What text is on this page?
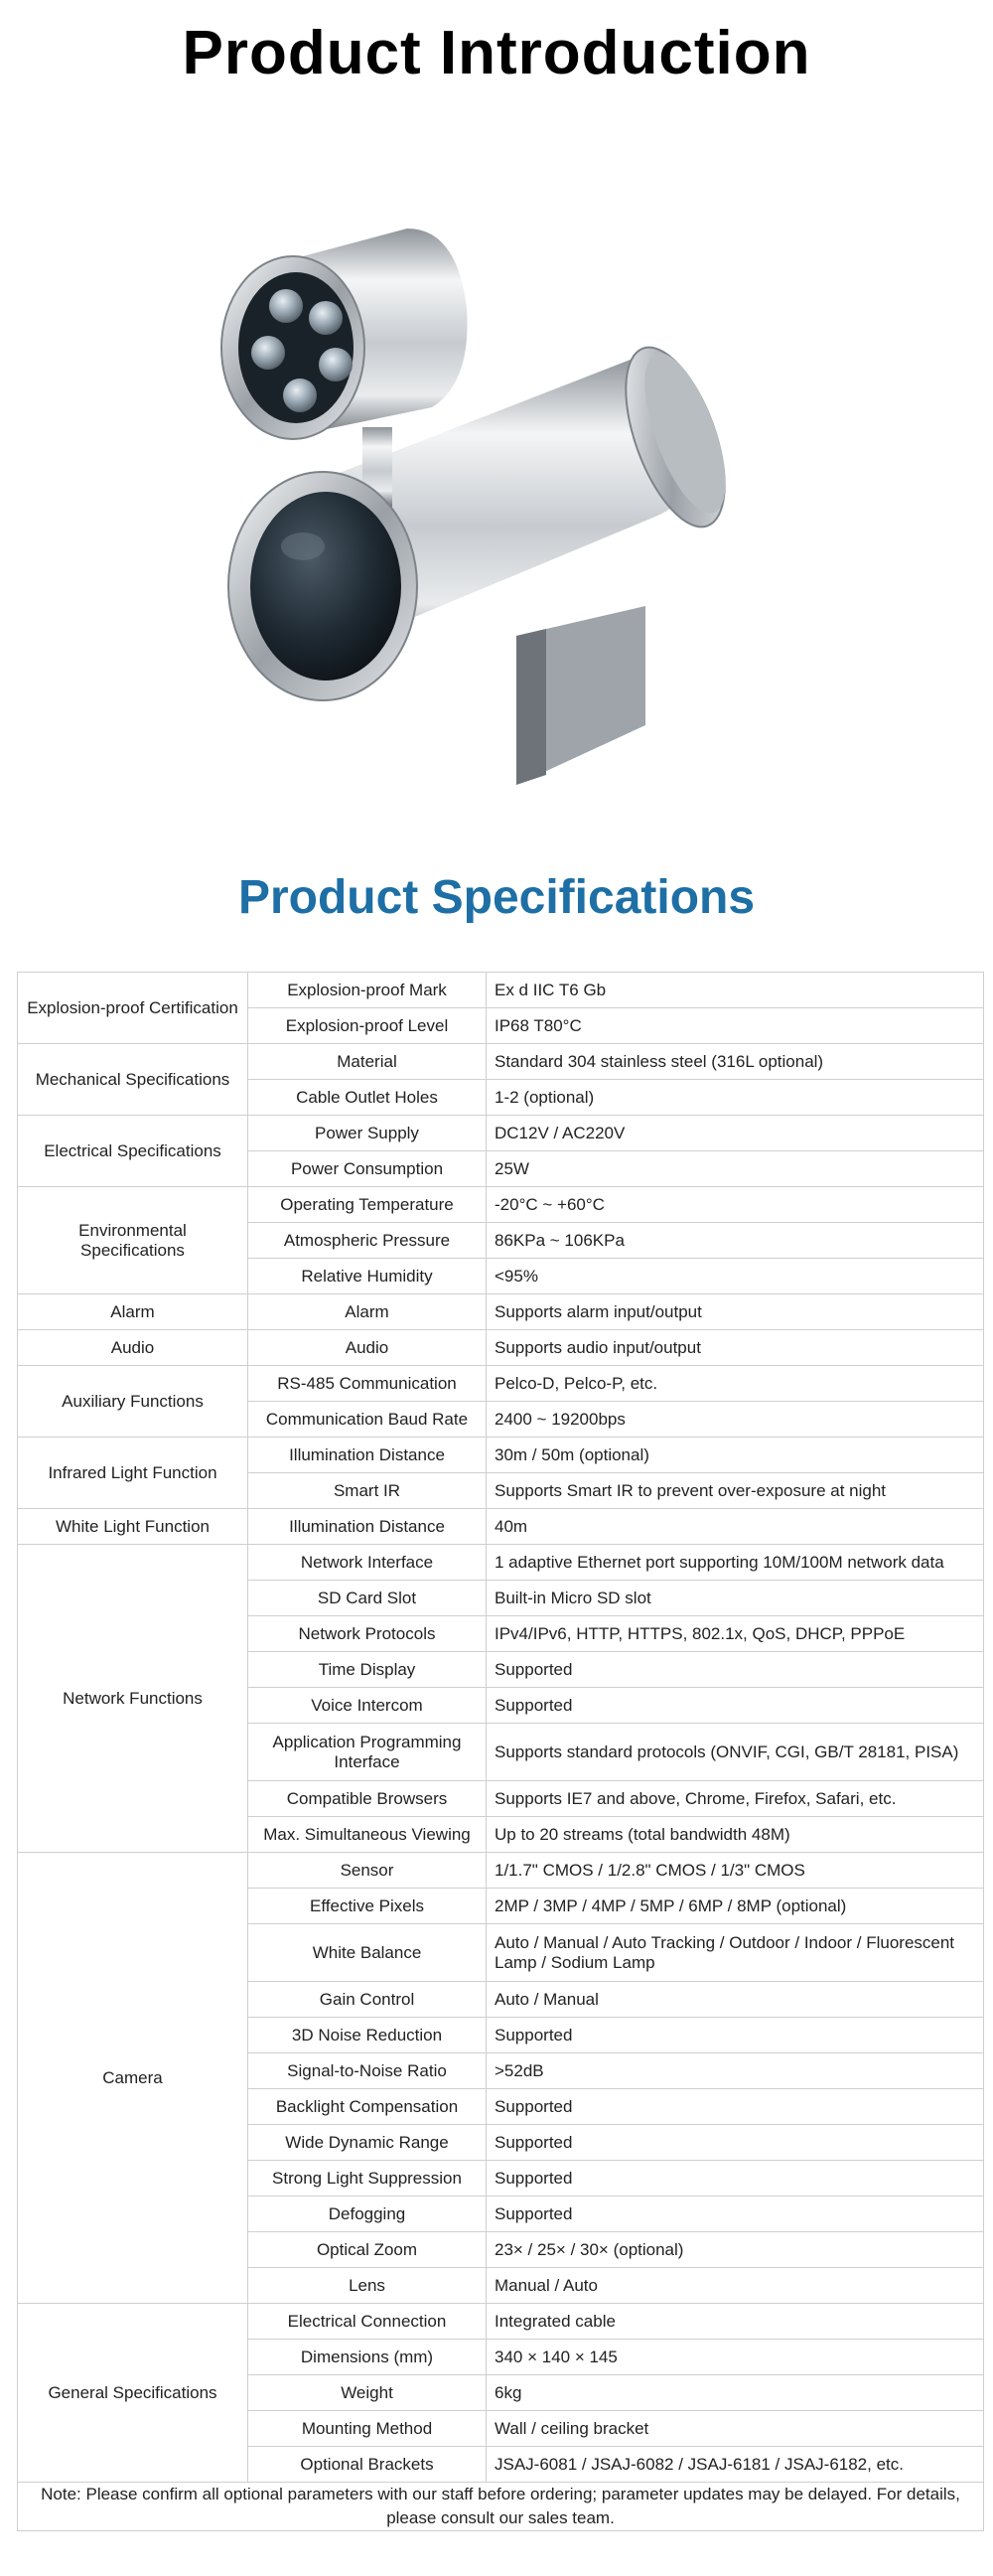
Product Introduction
Product Specifications
Explosion-proof Certification	Explosion-proof Mark	Ex d IIC T6 Gb
	Explosion-proof Level	IP68 T80°C
Mechanical Specifications	Material	Standard 304 stainless steel (316L optional)
	Cable Outlet Holes	1-2 (optional)
Electrical Specifications	Power Supply	DC12V / AC220V
	Power Consumption	25W
Environmental Specifications	Operating Temperature	-20°C ~ +60°C
	Atmospheric Pressure	86KPa ~ 106KPa
	Relative Humidity	<95%
Alarm	Alarm	Supports alarm input/output
Audio	Audio	Supports audio input/output
Auxiliary Functions	RS-485 Communication	Pelco-D, Pelco-P, etc.
	Communication Baud Rate	2400 ~ 19200bps
Infrared Light Function	Illumination Distance	30m / 50m (optional)
	Smart IR	Supports Smart IR to prevent over-exposure at night
White Light Function	Illumination Distance	40m
Network Functions	Network Interface	1 adaptive Ethernet port supporting 10M/100M network data
	SD Card Slot	Built-in Micro SD slot
	Network Protocols	IPv4/IPv6, HTTP, HTTPS, 802.1x, QoS, DHCP, PPPoE
	Time Display	Supported
	Voice Intercom	Supported
	Application Programming Interface	Supports standard protocols (ONVIF, CGI, GB/T 28181, PISA)
	Compatible Browsers	Supports IE7 and above, Chrome, Firefox, Safari, etc.
	Max. Simultaneous Viewing	Up to 20 streams (total bandwidth 48M)
Camera	Sensor	1/1.7" CMOS / 1/2.8" CMOS / 1/3" CMOS
	Effective Pixels	2MP / 3MP / 4MP / 5MP / 6MP / 8MP (optional)
	White Balance	Auto / Manual / Auto Tracking / Outdoor / Indoor / Fluorescent Lamp / Sodium Lamp
	Gain Control	Auto / Manual
	3D Noise Reduction	Supported
	Signal-to-Noise Ratio	>52dB
	Backlight Compensation	Supported
	Wide Dynamic Range	Supported
	Strong Light Suppression	Supported
	Defogging	Supported
	Optical Zoom	23× / 25× / 30× (optional)
	Lens	Manual / Auto
General Specifications	Electrical Connection	Integrated cable
	Dimensions (mm)	340 × 140 × 145
	Weight	6kg
	Mounting Method	Wall / ceiling bracket
	Optional Brackets	JSAJ-6081 / JSAJ-6082 / JSAJ-6181 / JSAJ-6182, etc.
Note: Please confirm all optional parameters with our staff before ordering; parameter updates may be delayed. For details, please consult our sales team.		
